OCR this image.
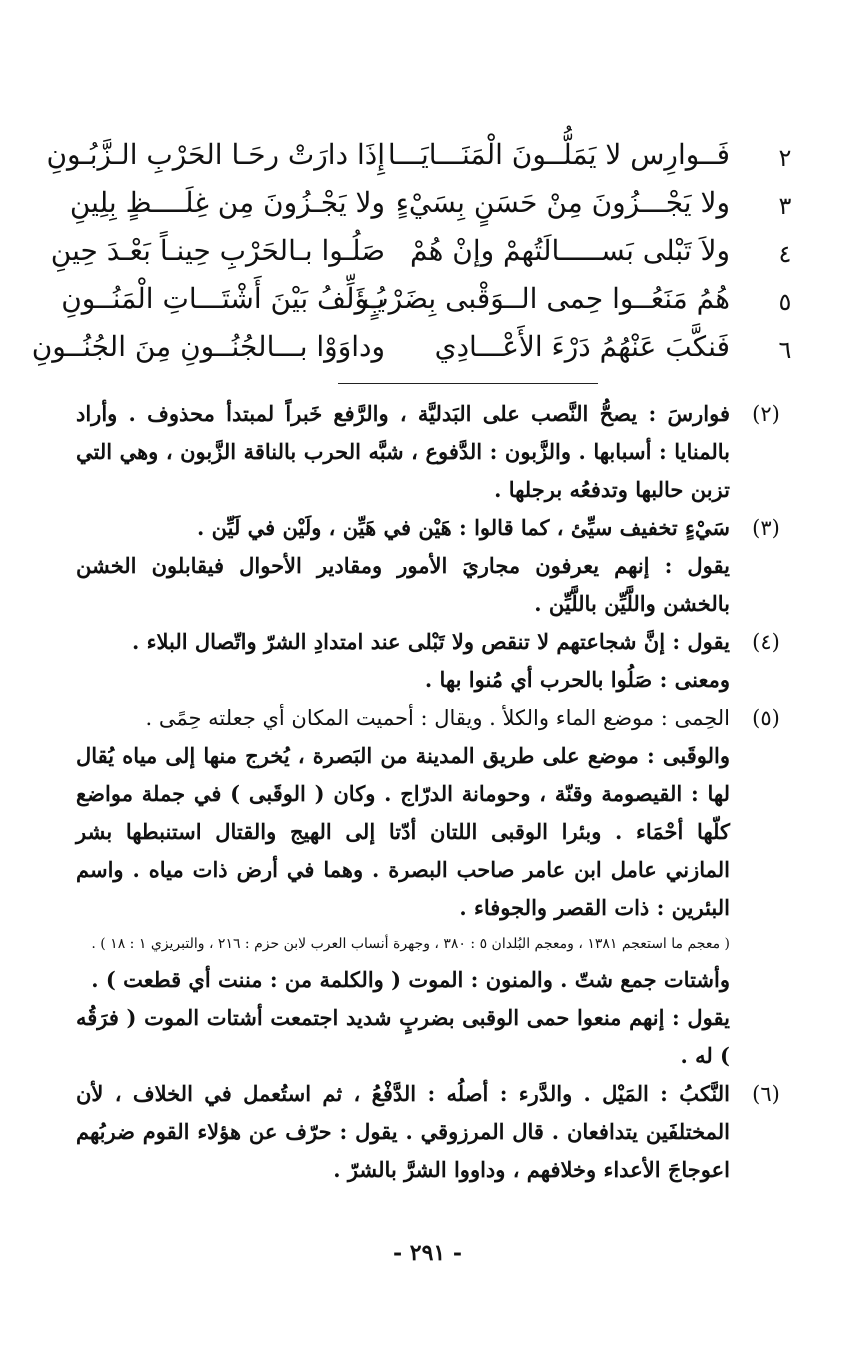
٢
فَــوارِس لا يَمَلُّــونَ الْمَنَـــايَـــا
إِذَا دارَتْ رحَـا الحَرْبِ الـزَّبُـونِ
٣
ولا يَجْـــزُونَ مِنْ حَسَنٍ بِسَيْءٍ
ولا يَجْـزُونَ مِن غِلَــــظٍ بِلِينِ
٤
ولاَ تَبْلى بَســـــالَتُهمْ وإنْ هُمْ
صَلُـوا بـالحَرْبِ حِينـاً بَعْـدَ حِينِ
٥
هُمُ مَنَعُــوا حِمى الــوَقْبى بِضَرْبٍ
يُـؤَلِّفُ بَيْنَ أَشْتَـــاتِ الْمَنُــونِ
٦
فَنكَّبَ عَنْهُمُ دَرْءَ الأَعْـــادِي
وداوَوْا بـــالجُنُــونِ مِنَ الجُنُــونِ
(٢)

فوارسَ : يصحُّ النَّصب على البَدليَّة ، والرَّفع خَبراً لمبتدأ محذوف . وأراد بالمنايا : أسبابها . والزَّبون : الدَّفوع ، شبَّه الحرب بالناقة الزَّبون ، وهي التي تزبن حالبها وتدفعُه برجلها .

(٣)

سَيْءٍ تخفيف سيِّئ ، كما قالوا : هَيْن في هَيِّن ، ولَيْن في لَيِّن .

يقول : إنهم يعرفون مجاريَ الأمور ومقادير الأحوال فيقابلون الخشن بالخشن واللَّيِّن باللَّيِّن .

(٤)

يقول : إنَّ شجاعتهم لا تنقص ولا تَبْلى عند امتدادِ الشرّ واتّصال البلاء .

ومعنى : صَلُوا بالحرب أي مُنوا بها .

(٥)

الحِمى : موضع الماء والكلأ . ويقال : أحميت المكان أي جعلته حِمًى .

والوقَبى : موضع على طريق المدينة من البَصرة ، يُخرج منها إلى مياه يُقال لها : القيصومة وقنّة ، وحومانة الدرّاج . وكان ( الوقَبى ) في جملة مواضع كلّها أحْمَاء . وبئرا الوقبى اللتان أدّتا إلى الهيج والقتال استنبطها بشر المازني عامل ابن عامر صاحب البصرة . وهما في أرض ذات مياه . واسم البئرين : ذات القصر والجوفاء .

( معجم ما استعجم ١٣٨١ ، ومعجم البُلدان ٥ : ٣٨٠ ، وجهرة أنساب العرب لابن حزم : ٢١٦ ، والتبريزي ١ : ١٨ ) .

وأشتات جمع شتّ . والمنون : الموت ( والكلمة من : مننت أي قطعت ) .

يقول : إنهم منعوا حمى الوقبى بضربٍ شديد اجتمعت أشتات الموت ( فرَقُه ) له .

(٦)

النَّكبُ : المَيْل . والدَّرء : أصلُه : الدَّفْعُ ، ثم استُعمل في الخلاف ، لأن المختلفَين يتدافعان . قال المرزوقي . يقول : حرّف عن هؤلاء القوم ضربُهم اعوجاجَ الأعداء وخلافهم ، وداووا الشرَّ بالشرّ .

- ٢٩١ -
